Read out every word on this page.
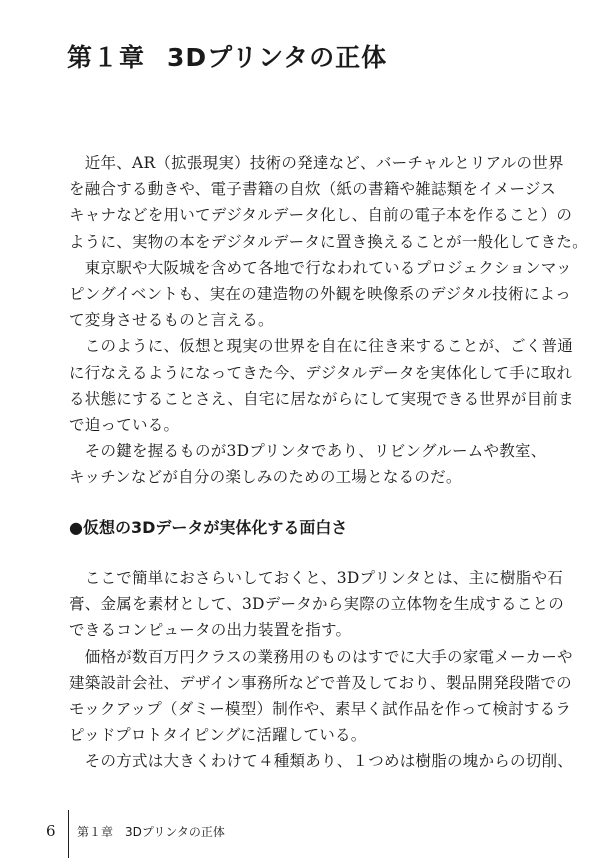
第１章 3Dプリンタの正体
　近年、AR（拡張現実）技術の発達など、バーチャルとリアルの世界
を融合する動きや、電子書籍の自炊（紙の書籍や雑誌類をイメージス
キャナなどを用いてデジタルデータ化し、自前の電子本を作ること）の
ように、実物の本をデジタルデータに置き換えることが一般化してきた。
　東京駅や大阪城を含めて各地で行なわれているプロジェクションマッ
ピングイベントも、実在の建造物の外観を映像系のデジタル技術によっ
て変身させるものと言える。
　このように、仮想と現実の世界を自在に往き来することが、ごく普通
に行なえるようになってきた今、デジタルデータを実体化して手に取れ
る状態にすることさえ、自宅に居ながらにして実現できる世界が目前ま
で迫っている。
　その鍵を握るものが3Dプリンタであり、リビングルームや教室、
キッチンなどが自分の楽しみのための工場となるのだ。
●仮想の3Dデータが実体化する面白さ
　ここで簡単におさらいしておくと、3Dプリンタとは、主に樹脂や石
膏、金属を素材として、3Dデータから実際の立体物を生成することの
できるコンピュータの出力装置を指す。
　価格が数百万円クラスの業務用のものはすでに大手の家電メーカーや
建築設計会社、デザイン事務所などで普及しており、製品開発段階での
モックアップ（ダミー模型）制作や、素早く試作品を作って検討するラ
ピッドプロトタイピングに活躍している。
　その方式は大きくわけて４種類あり、１つめは樹脂の塊からの切削、
6 第１章　3Dプリンタの正体
